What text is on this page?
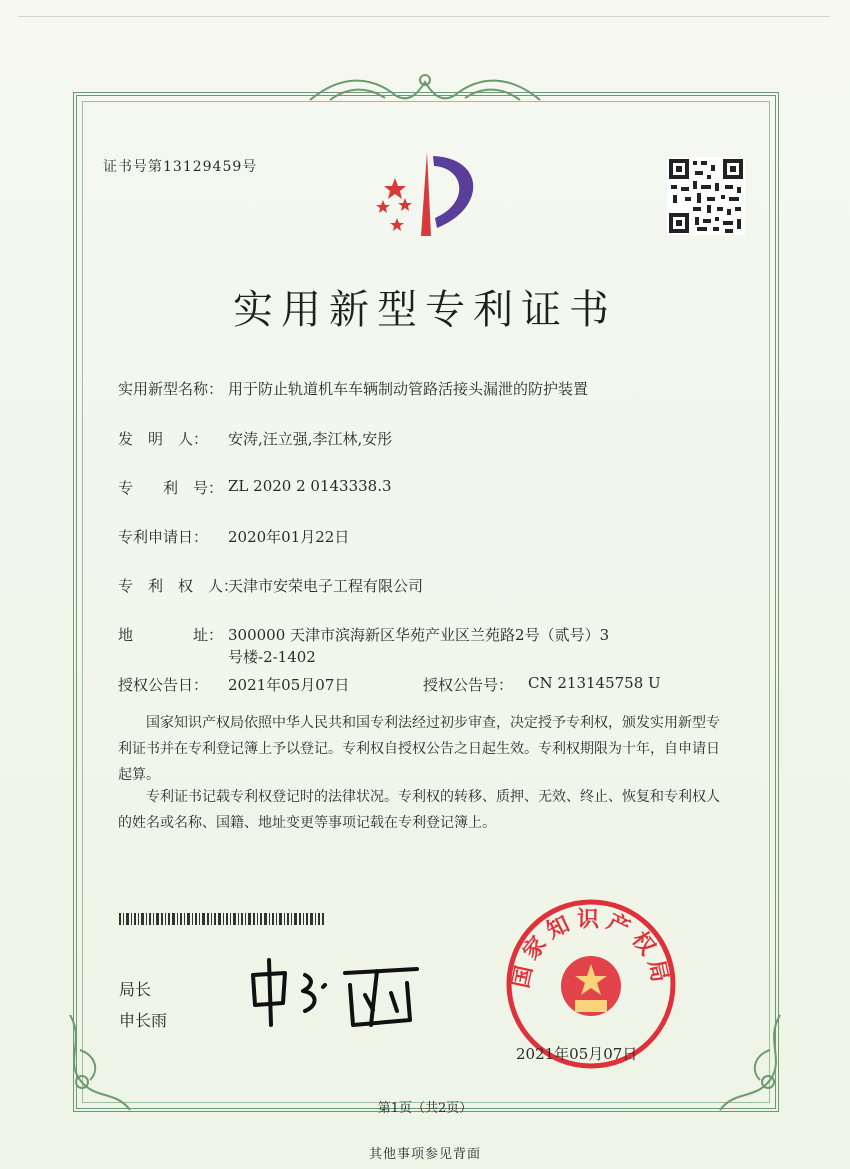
证书号第13129459号
实用新型专利证书
实用新型名称： 用于防止轨道机车车辆制动管路活接头漏泄的防护装置
发　明　人： 安涛,汪立强,李江林,安彤
专　　利　号： ZL 2020 2 0143338.3
专利申请日： 2020年01月22日
专　利　权　人：
天津市安荣电子工程有限公司
地　　　　址： 300000 天津市滨海新区华苑产业区兰苑路2号（贰号）3
号楼-2-1402
授权公告日： 2021年05月07日	授权公告号： CN 213145758 U
国家知识产权局依照中华人民共和国专利法经过初步审查，决定授予专利权，颁发实用新型专利证书并在专利登记簿上予以登记。专利权自授权公告之日起生效。专利权期限为十年，自申请日起算。
专利证书记载专利权登记时的法律状况。专利权的转移、质押、无效、终止、恢复和专利权人的姓名或名称、国籍、地址变更等事项记载在专利登记簿上。
局长
申长雨
国家知识产权局
2021年05月07日
第1页（共2页）
其他事项参见背面
